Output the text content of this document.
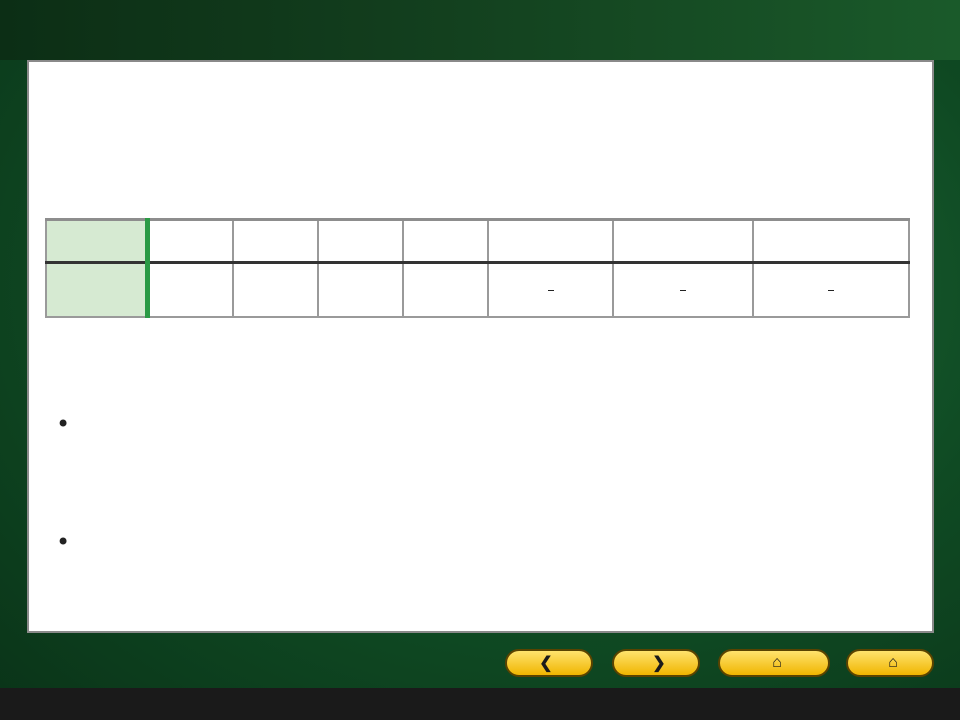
•
•
❮	❯	⌂	⌂
